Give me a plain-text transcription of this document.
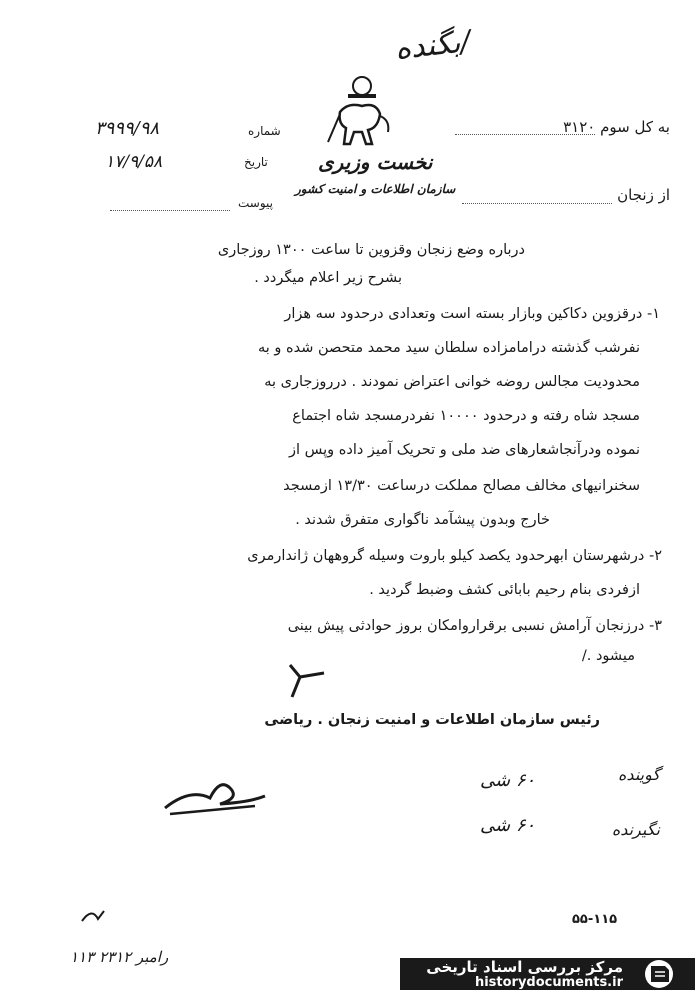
بگنده/
نخست وزیری
سازمان اطلاعات و امنیت کشور
به کل سوم ۳۱۲۰
از زنجان
شماره
۳۹۹۹/۹۸
تاریخ
۱۷/۹/۵۸
پیوست
درباره وضع زنجان وقزوین تا ساعت ۱۳۰۰ روزجاری
بشرح زیر اعلام میگردد .
۱- درقزوین دکاکین وبازار بسته است وتعدادی درحدود سه هزار
نفرشب گذشته درامامزاده سلطان سید محمد متحصن شده و به
محدودیت مجالس روضه خوانی اعتراض نمودند . درروزجاری به
مسجد شاه رفته و درحدود ۱۰۰۰۰ نفردرمسجد شاه اجتماع
نموده ودرآنجاشعارهای ضد ملی و تحریک آمیز داده وپس از
سخنرانیهای مخالف مصالح مملکت درساعت ۱۳/۳۰ ازمسجد
خارج وبدون پیشآمد ناگواری متفرق شدند .
۲- درشهرستان ابهرحدود یکصد کیلو باروت وسیله گروههان ژاندارمری
ازفردی بنام رحیم بابائی کشف وضبط گردید .
۳- درزنجان آرامش نسبی برقراروامکان بروز حوادثی پیش بینی
میشود ./
رئیس سازمان اطلاعات و امنیت زنجان . ریاضی
گوینده
۶۰ شی
نگیرنده
۶۰ شی
۵۵-۱۱۵
۱۱۳ رامبر ۲۳۱۲
مرکز بررسی اسناد تاریخی
historydocuments.ir
